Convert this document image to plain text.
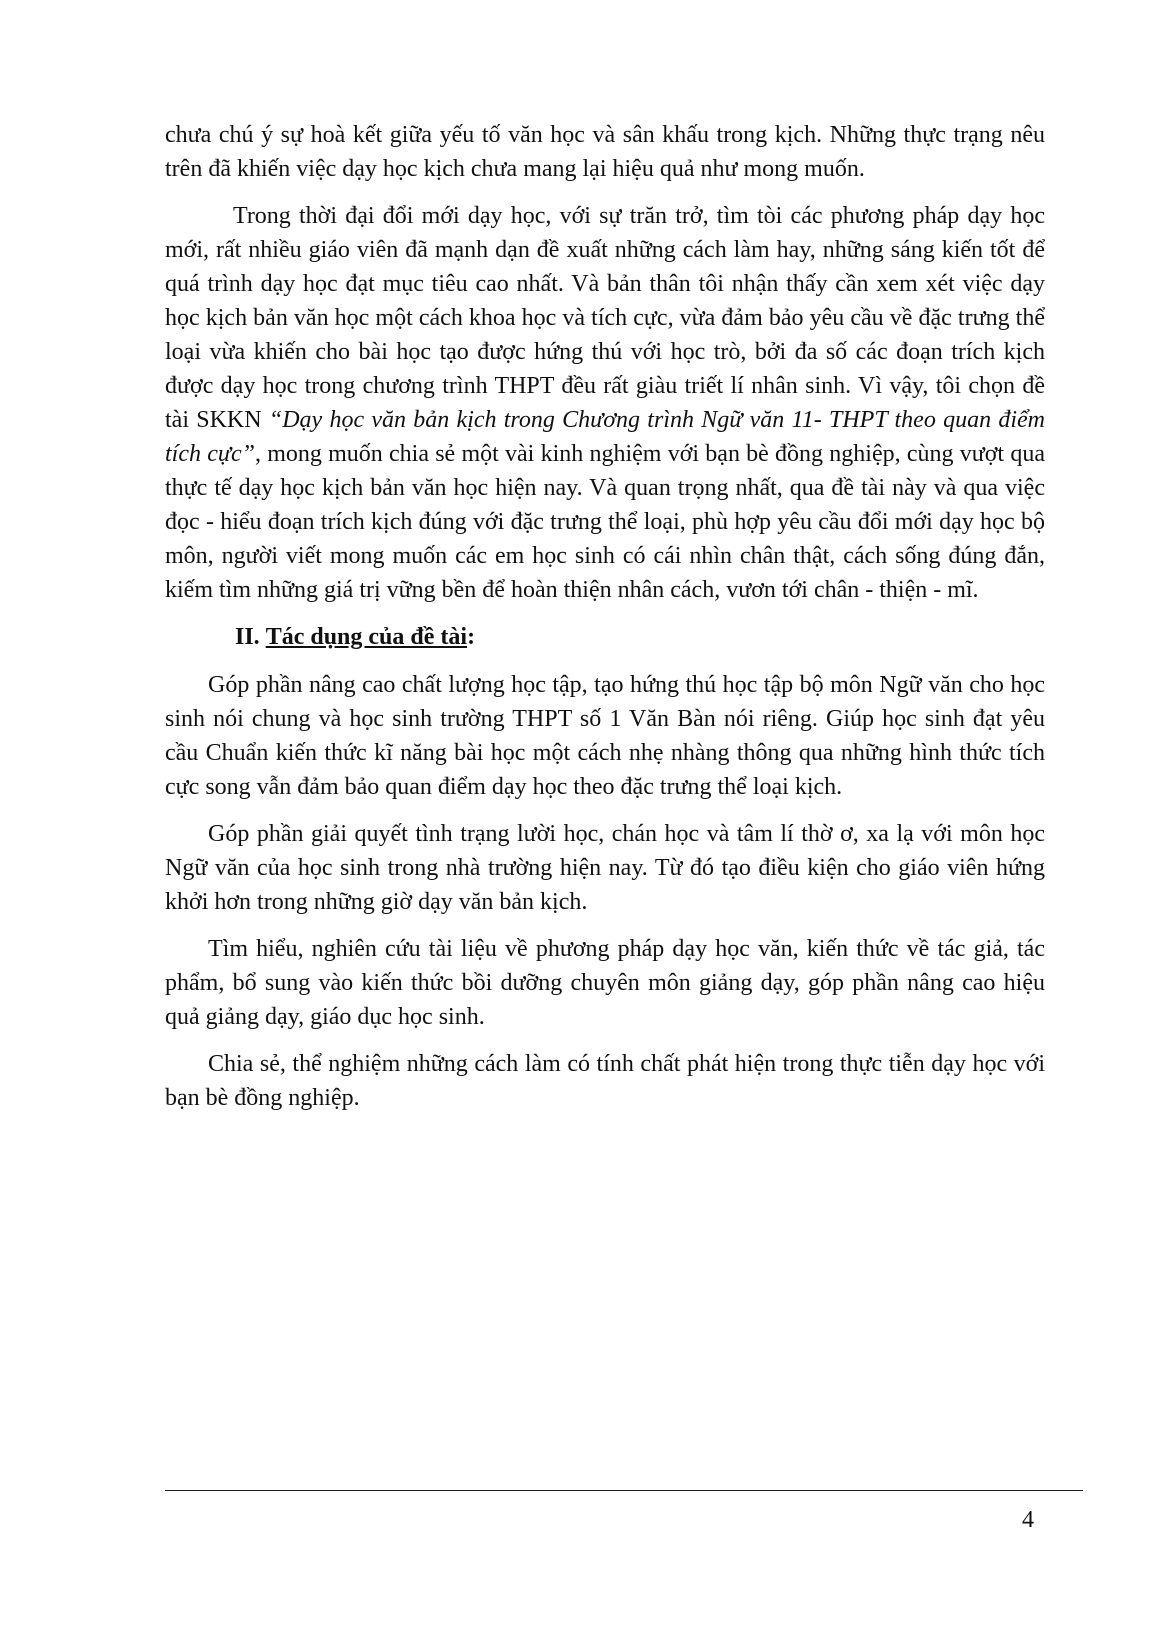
chưa chú ý sự hoà kết giữa yếu tố văn học và sân khấu trong kịch. Những thực trạng nêu trên đã khiến việc dạy học kịch chưa mang lại hiệu quả như mong muốn.

Trong thời đại đổi mới dạy học, với sự trăn trở, tìm tòi các phương pháp dạy học mới, rất nhiều giáo viên đã mạnh dạn đề xuất những cách làm hay, những sáng kiến tốt để quá trình dạy học đạt mục tiêu cao nhất. Và bản thân tôi nhận thấy cần xem xét việc dạy học kịch bản văn học một cách khoa học và tích cực, vừa đảm bảo yêu cầu về đặc trưng thể loại vừa khiến cho bài học tạo được hứng thú với học trò, bởi đa số các đoạn trích kịch được dạy học trong chương trình THPT đều rất giàu triết lí nhân sinh. Vì vậy, tôi chọn đề tài SKKN “Dạy học văn bản kịch trong Chương trình Ngữ văn 11- THPT theo quan điểm tích cực”, mong muốn chia sẻ một vài kinh nghiệm với bạn bè đồng nghiệp, cùng vượt qua thực tế dạy học kịch bản văn học hiện nay. Và quan trọng nhất, qua đề tài này và qua việc đọc - hiểu đoạn trích kịch đúng với đặc trưng thể loại, phù hợp yêu cầu đổi mới dạy học bộ môn, người viết mong muốn các em học sinh có cái nhìn chân thật, cách sống đúng đắn, kiếm tìm những giá trị vững bền để hoàn thiện nhân cách, vươn tới chân - thiện - mĩ.

II. Tác dụng của đề tài:

Góp phần nâng cao chất lượng học tập, tạo hứng thú học tập bộ môn Ngữ văn cho học sinh nói chung và học sinh trường THPT số 1 Văn Bàn nói riêng. Giúp học sinh đạt yêu cầu Chuẩn kiến thức kĩ năng bài học một cách nhẹ nhàng thông qua những hình thức tích cực song vẫn đảm bảo quan điểm dạy học theo đặc trưng thể loại kịch.

Góp phần giải quyết tình trạng lười học, chán học và tâm lí thờ ơ, xa lạ với môn học Ngữ văn của học sinh trong nhà trường hiện nay. Từ đó tạo điều kiện cho giáo viên hứng khởi hơn trong những giờ dạy văn bản kịch.

Tìm hiểu, nghiên cứu tài liệu về phương pháp dạy học văn, kiến thức về tác giả, tác phẩm, bổ sung vào kiến thức bồi dưỡng chuyên môn giảng dạy, góp phần nâng cao hiệu quả giảng dạy, giáo dục học sinh.

Chia sẻ, thể nghiệm những cách làm có tính chất phát hiện trong thực tiễn dạy học với bạn bè đồng nghiệp.

4
